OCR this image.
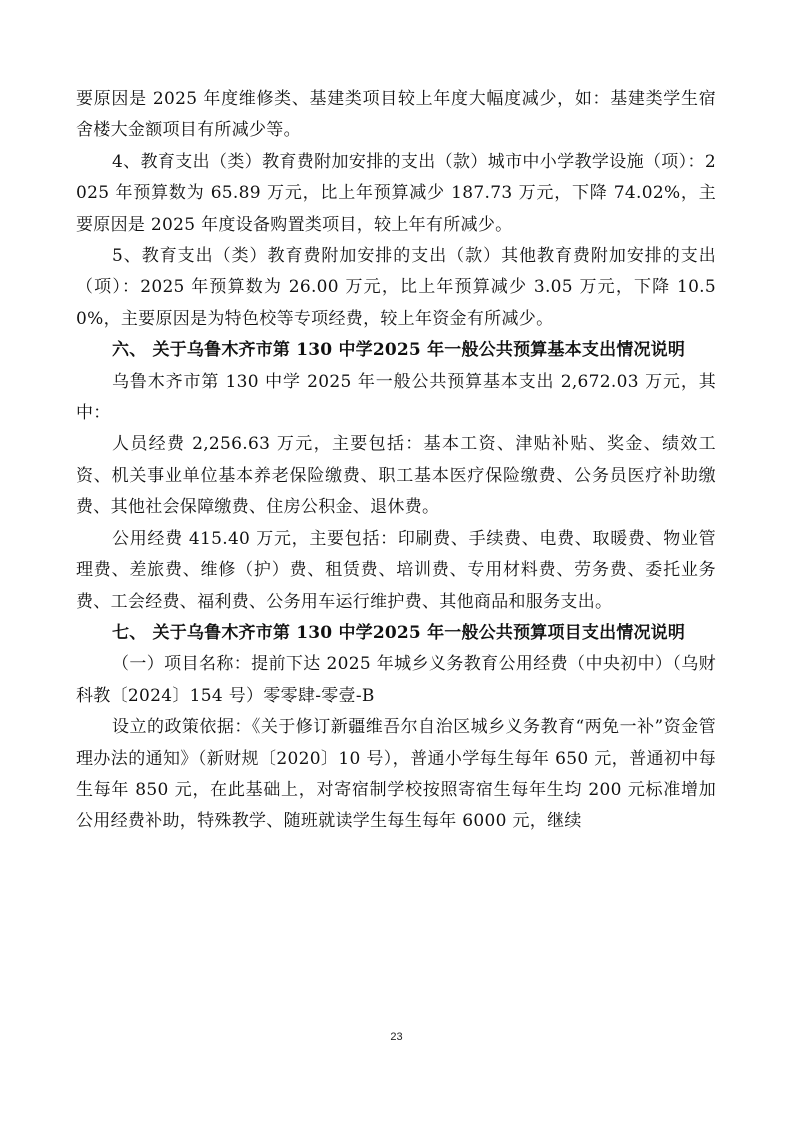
要原因是 2025 年度维修类、基建类项目较上年度大幅度减少，如：基建类学生宿舍楼大金额项目有所减少等。

4、教育支出（类）教育费附加安排的支出（款）城市中小学教学设施（项）：2025 年预算数为 65.89 万元，比上年预算减少 187.73 万元，下降 74.02%，主要原因是 2025 年度设备购置类项目，较上年有所减少。

5、教育支出（类）教育费附加安排的支出（款）其他教育费附加安排的支出（项）：2025 年预算数为 26.00 万元，比上年预算减少 3.05 万元，下降 10.50%，主要原因是为特色校等专项经费，较上年资金有所减少。

六、 关于乌鲁木齐市第 130 中学2025 年一般公共预算基本支出情况说明

乌鲁木齐市第 130 中学 2025 年一般公共预算基本支出 2,672.03 万元，其中：

人员经费 2,256.63 万元，主要包括：基本工资、津贴补贴、奖金、绩效工资、机关事业单位基本养老保险缴费、职工基本医疗保险缴费、公务员医疗补助缴费、其他社会保障缴费、住房公积金、退休费。

公用经费 415.40 万元，主要包括：印刷费、手续费、电费、取暖费、物业管理费、差旅费、维修（护）费、租赁费、培训费、专用材料费、劳务费、委托业务费、工会经费、福利费、公务用车运行维护费、其他商品和服务支出。

七、 关于乌鲁木齐市第 130 中学2025 年一般公共预算项目支出情况说明

（一）项目名称：提前下达 2025 年城乡义务教育公用经费（中央初中）（乌财科教〔2024〕154 号）零零肆-零壹-B

设立的政策依据：《关于修订新疆维吾尔自治区城乡义务教育“两免一补”资金管理办法的通知》（新财规〔2020〕10 号），普通小学每生每年 650 元，普通初中每生每年 850 元，在此基础上，对寄宿制学校按照寄宿生每年生均 200 元标准增加公用经费补助，特殊教学、随班就读学生每生每年 6000 元，继续

23
